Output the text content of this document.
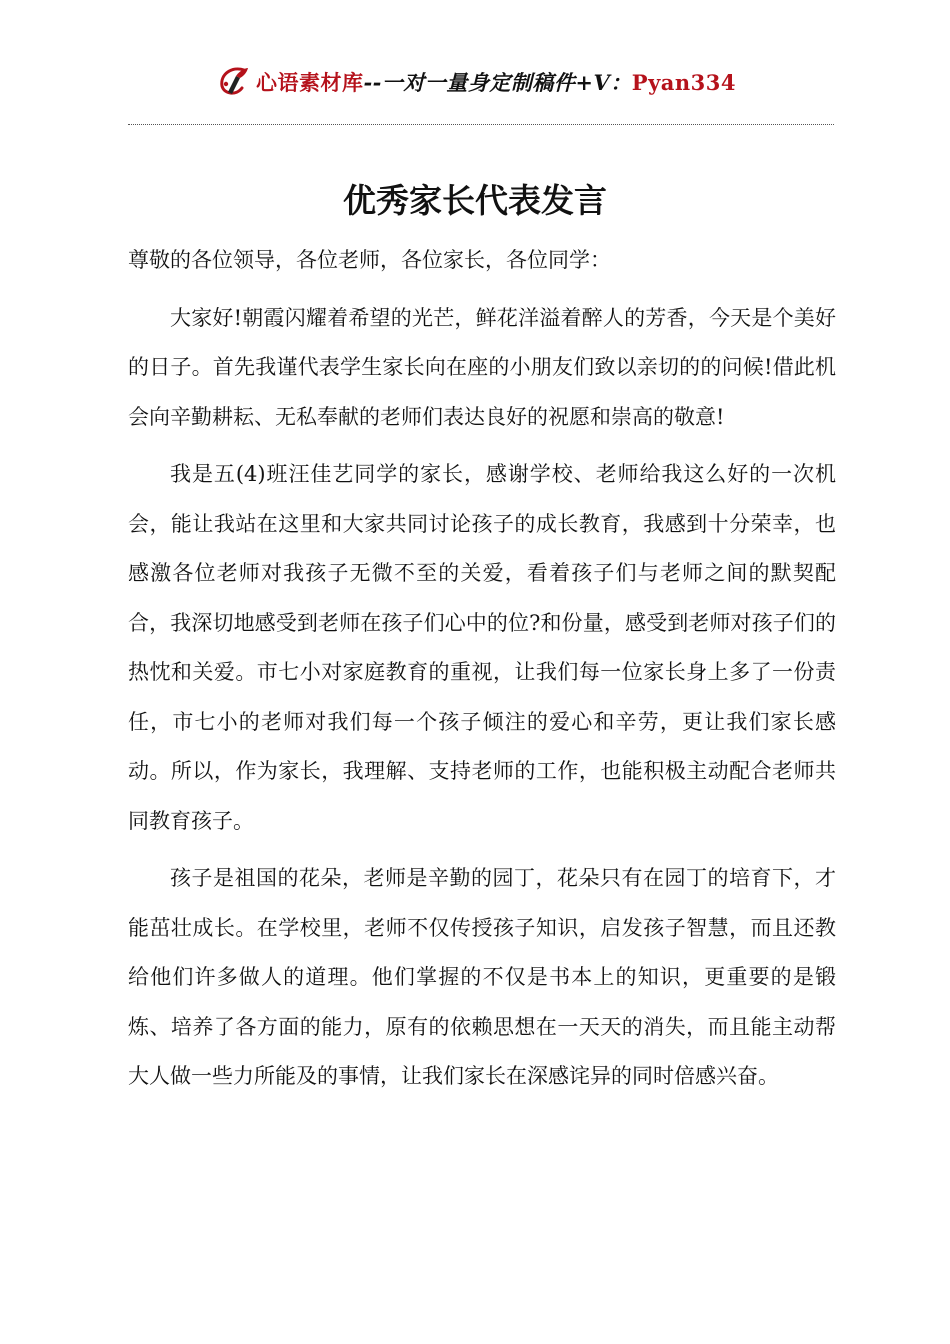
心语素材库--一对一量身定制稿件+V：Pyan334
优秀家长代表发言

尊敬的各位领导，各位老师，各位家长，各位同学：

大家好!朝霞闪耀着希望的光芒，鲜花洋溢着醉人的芳香，今天是个美好的日子。首先我谨代表学生家长向在座的小朋友们致以亲切的的问候!借此机会向辛勤耕耘、无私奉献的老师们表达良好的祝愿和崇高的敬意!

我是五(4)班汪佳艺同学的家长，感谢学校、老师给我这么好的一次机会，能让我站在这里和大家共同讨论孩子的成长教育，我感到十分荣幸，也感激各位老师对我孩子无微不至的关爱，看着孩子们与老师之间的默契配合，我深切地感受到老师在孩子们心中的位?和份量，感受到老师对孩子们的热忱和关爱。市七小对家庭教育的重视，让我们每一位家长身上多了一份责任，市七小的老师对我们每一个孩子倾注的爱心和辛劳，更让我们家长感动。所以，作为家长，我理解、支持老师的工作，也能积极主动配合老师共同教育孩子。

孩子是祖国的花朵，老师是辛勤的园丁，花朵只有在园丁的培育下，才能茁壮成长。在学校里，老师不仅传授孩子知识，启发孩子智慧，而且还教给他们许多做人的道理。他们掌握的不仅是书本上的知识，更重要的是锻炼、培养了各方面的能力，原有的依赖思想在一天天的消失，而且能主动帮大人做一些力所能及的事情，让我们家长在深感诧异的同时倍感兴奋。
